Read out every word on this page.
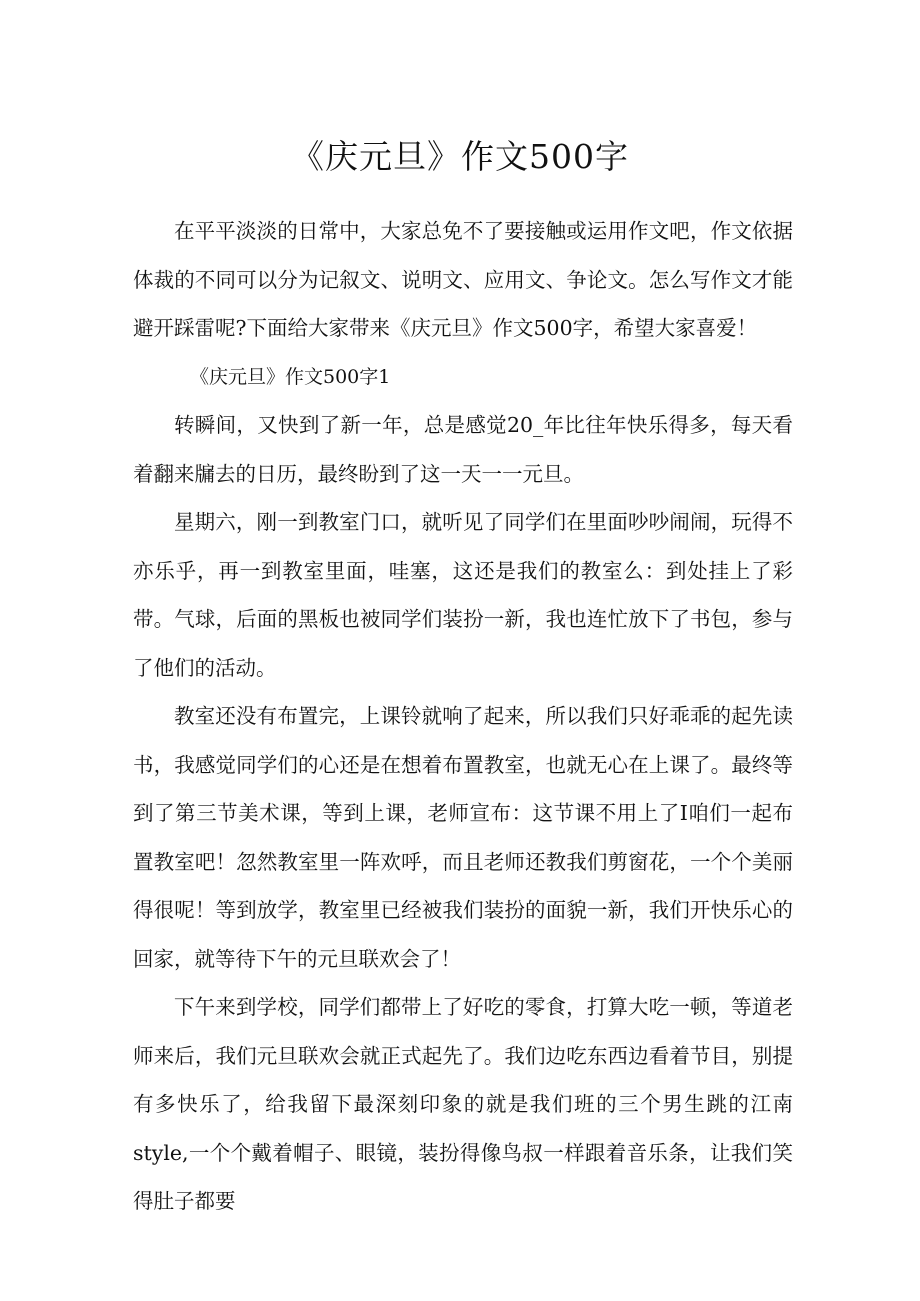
《庆元旦》作文500字

在平平淡淡的日常中，大家总免不了要接触或运用作文吧，作文依据体裁的不同可以分为记叙文、说明文、应用文、争论文。怎么写作文才能避开踩雷呢?下面给大家带来《庆元旦》作文500字，希望大家喜爱！

《庆元旦》作文500字1

转瞬间，又快到了新一年，总是感觉20_年比往年快乐得多，每天看着翻来牖去的日历，最终盼到了这一天一一元旦。

星期六，刚一到教室门口，就听见了同学们在里面吵吵闹闹，玩得不亦乐乎，再一到教室里面，哇塞，这还是我们的教室么：到处挂上了彩带。气球，后面的黑板也被同学们装扮一新，我也连忙放下了书包，参与了他们的活动。

教室还没有布置完，上课铃就响了起来，所以我们只好乖乖的起先读书，我感觉同学们的心还是在想着布置教室，也就无心在上课了。最终等到了第三节美术课，等到上课，老师宣布：这节课不用上了I咱们一起布置教室吧！忽然教室里一阵欢呼，而且老师还教我们剪窗花，一个个美丽得很呢！等到放学，教室里已经被我们装扮的面貌一新，我们开快乐心的回家，就等待下午的元旦联欢会了！

下午来到学校，同学们都带上了好吃的零食，打算大吃一顿，等道老师来后，我们元旦联欢会就正式起先了。我们边吃东西边看着节目，别提有多快乐了，给我留下最深刻印象的就是我们班的三个男生跳的江南style,一个个戴着帽子、眼镜，装扮得像鸟叔一样跟着音乐条，让我们笑得肚子都要
